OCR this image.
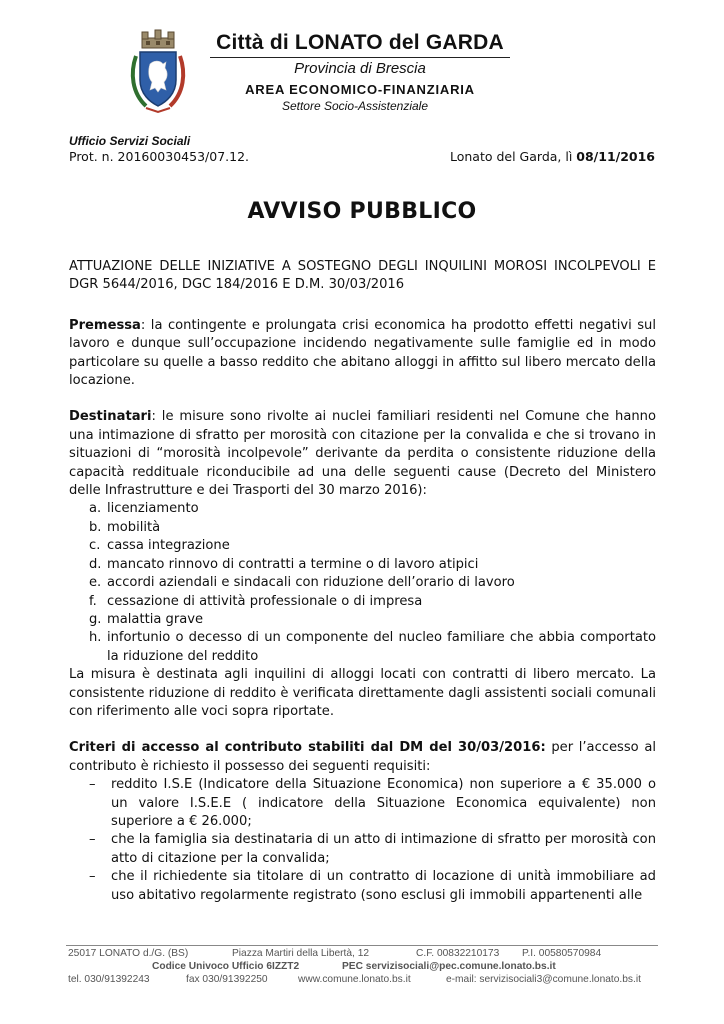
Città di LONATO del GARDA
Provincia di Brescia
AREA ECONOMICO-FINANZIARIA
Settore Socio-Assistenziale
Ufficio Servizi Sociali
Prot. n. 20160030453/07.12.	Lonato del Garda, lì 08/11/2016
AVVISO PUBBLICO

ATTUAZIONE DELLE INIZIATIVE A SOSTEGNO DEGLI INQUILINI MOROSI INCOLPEVOLI E DGR 5644/2016, DGC 184/2016 E D.M. 30/03/2016

Premessa: la contingente e prolungata crisi economica ha prodotto effetti negativi sul lavoro e dunque sull’occupazione incidendo negativamente sulle famiglie ed in modo particolare su quelle a basso reddito che abitano alloggi in affitto sul libero mercato della locazione.

Destinatari: le misure sono rivolte ai nuclei familiari residenti nel Comune che hanno una intimazione di sfratto per morosità con citazione per la convalida e che si trovano in situazioni di “morosità incolpevole” derivante da perdita o consistente riduzione della capacità reddituale riconducibile ad una delle seguenti cause (Decreto del Ministero delle Infrastrutture e dei Trasporti del 30 marzo 2016):

a. licenziamento
b. mobilità
c. cassa integrazione
d. mancato rinnovo di contratti a termine o di lavoro atipici
e. accordi aziendali e sindacali con riduzione dell’orario di lavoro
f. cessazione di attività professionale o di impresa
g. malattia grave
h. infortunio o decesso di un componente del nucleo familiare che abbia comportato la riduzione del reddito

La misura è destinata agli inquilini di alloggi locati con contratti di libero mercato. La consistente riduzione di reddito è verificata direttamente dagli assistenti sociali comunali con riferimento alle voci sopra riportate.

Criteri di accesso al contributo stabiliti dal DM del 30/03/2016: per l’accesso al contributo è richiesto il possesso dei seguenti requisiti:

– reddito I.S.E (Indicatore della Situazione Economica) non superiore a € 35.000 o un valore I.S.E.E ( indicatore della Situazione Economica equivalente) non superiore a € 26.000;
– che la famiglia sia destinataria di un atto di intimazione di sfratto per morosità con atto di citazione per la convalida;
– che il richiedente sia titolare di un contratto di locazione di unità immobiliare ad uso abitativo regolarmente registrato (sono esclusi gli immobili appartenenti alle
25017 LONATO d./G. (BS)	Piazza Martiri della Libertà, 12	C.F. 00832210173 P.I. 00580570984
Codice Univoco Ufficio 6IZZT2	PEC servizisociali@pec.comune.lonato.bs.it
tel. 030/91392243	fax 030/91392250	www.comune.lonato.bs.it	e-mail: servizisociali3@comune.lonato.bs.it
